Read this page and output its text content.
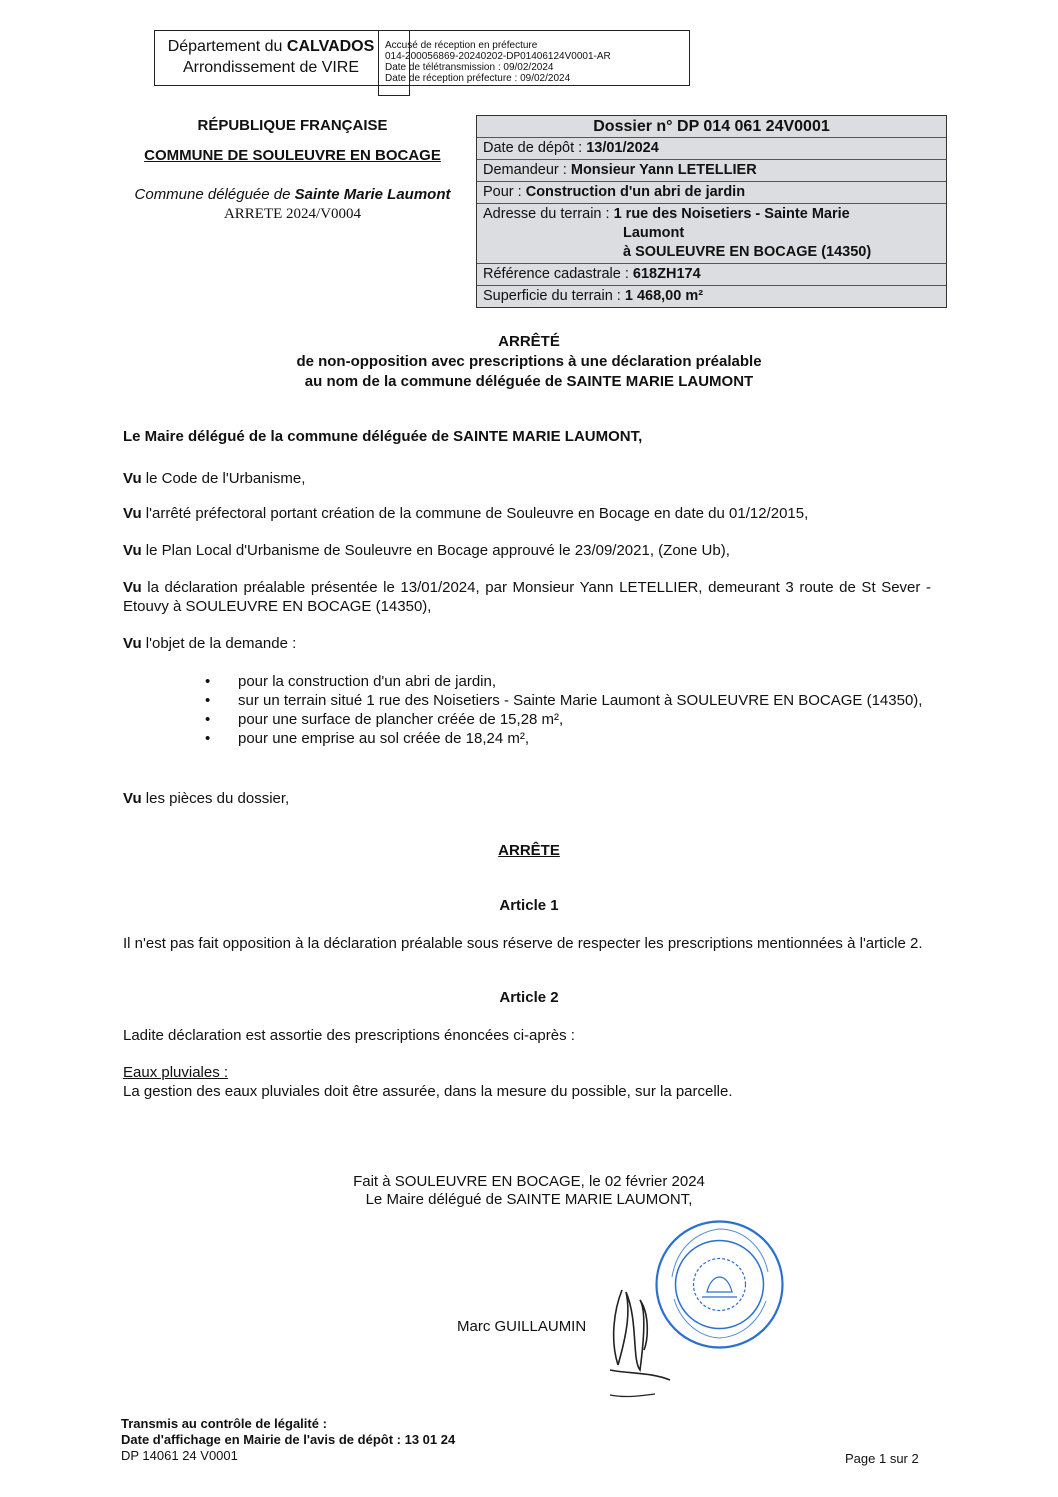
Département du CALVADOS
Arrondissement de VIRE
Accusé de réception en préfecture
014-200056869-20240202-DP01406124V0001-AR
Date de télétransmission : 09/02/2024
Date de réception préfecture : 09/02/2024
RÉPUBLIQUE FRANÇAISE
COMMUNE DE SOULEUVRE EN BOCAGE
Commune déléguée de Sainte Marie Laumont
ARRETE 2024/V0004
Dossier n° DP 014 061 24V0001
Date de dépôt : 13/01/2024
Demandeur : Monsieur Yann LETELLIER
Pour : Construction d'un abri de jardin
Adresse du terrain : 1 rue des Noisetiers - Sainte Marie
Laumont
à SOULEUVRE EN BOCAGE (14350)
Référence cadastrale : 618ZH174
Superficie du terrain : 1 468,00 m²
ARRÊTÉ
de non-opposition avec prescriptions à une déclaration préalable
au nom de la commune déléguée de SAINTE MARIE LAUMONT
Le Maire délégué de la commune déléguée de SAINTE MARIE LAUMONT,
Vu le Code de l'Urbanisme,
Vu l'arrêté préfectoral portant création de la commune de Souleuvre en Bocage en date du 01/12/2015,
Vu le Plan Local d'Urbanisme de Souleuvre en Bocage approuvé le 23/09/2021, (Zone Ub),
Vu la déclaration préalable présentée le 13/01/2024, par Monsieur Yann LETELLIER, demeurant 3 route de St Sever - Etouvy à SOULEUVRE EN BOCAGE (14350),
Vu l'objet de la demande :
• pour la construction d'un abri de jardin,
• sur un terrain situé 1 rue des Noisetiers - Sainte Marie Laumont à SOULEUVRE EN BOCAGE (14350),
• pour une surface de plancher créée de 15,28 m²,
• pour une emprise au sol créée de 18,24 m²,
Vu les pièces du dossier,
ARRÊTE
Article 1
Il n'est pas fait opposition à la déclaration préalable sous réserve de respecter les prescriptions mentionnées à l'article 2.
Article 2
Ladite déclaration est assortie des prescriptions énoncées ci-après :
Eaux pluviales :
La gestion des eaux pluviales doit être assurée, dans la mesure du possible, sur la parcelle.
Fait à SOULEUVRE EN BOCAGE, le 02 février 2024
Le Maire délégué de SAINTE MARIE LAUMONT,
Marc GUILLAUMIN
Transmis au contrôle de légalité :
Date d'affichage en Mairie de l'avis de dépôt : 13 01 24
DP 14061 24 V0001	Page 1 sur 2
